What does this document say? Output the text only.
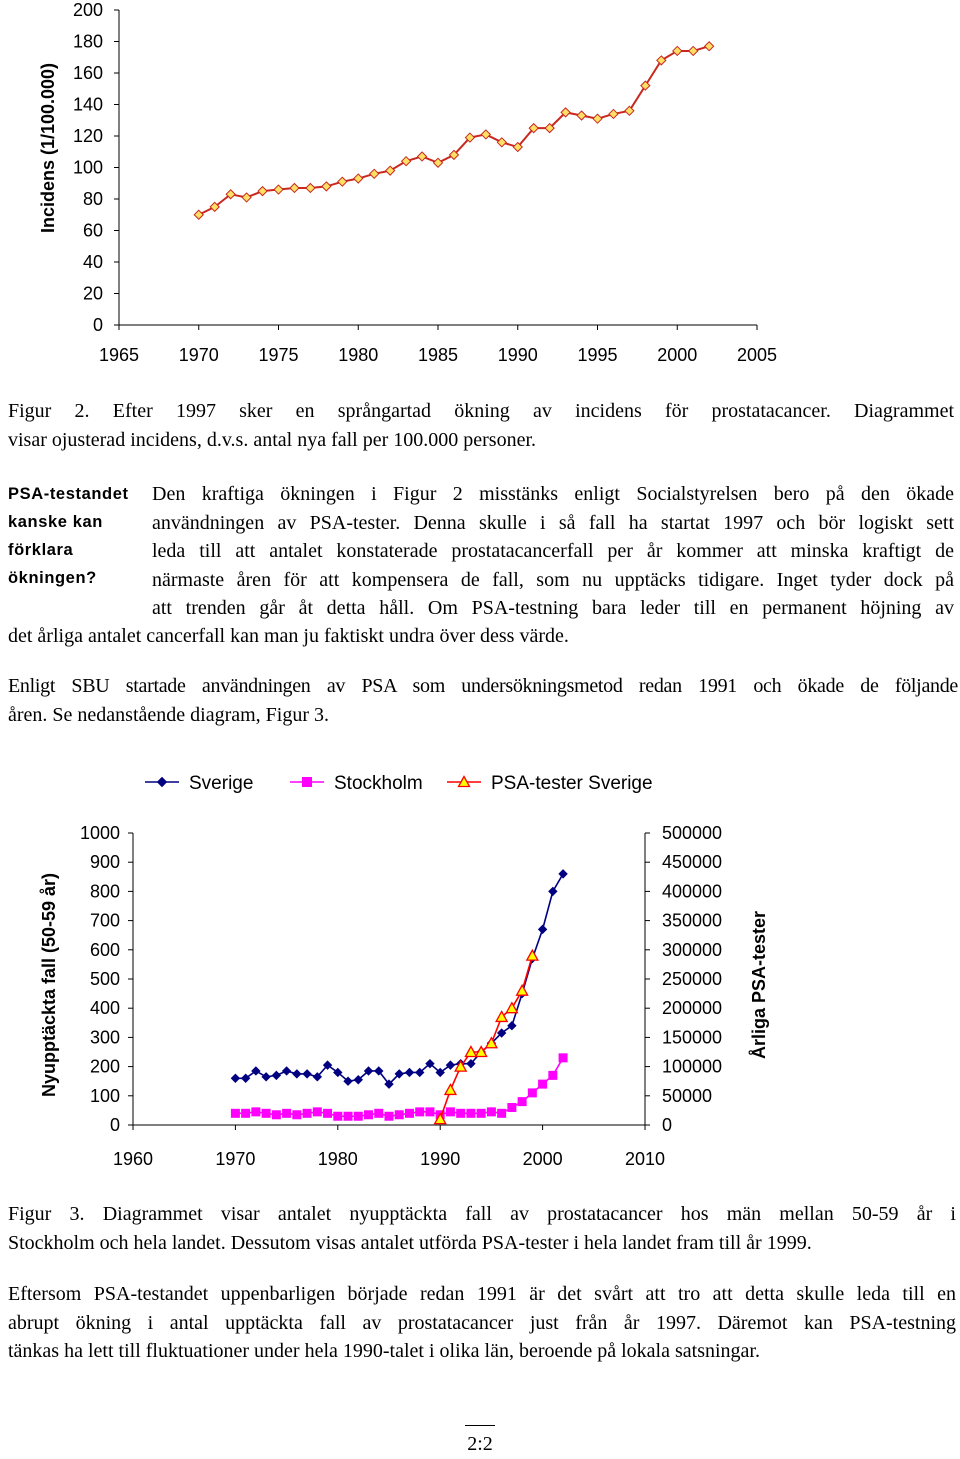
Incidens (1/100.000)
0
20
40
60
80
100
120
140
160
180
200
1965 1970 1975 1980 1985 1990 1995 2000 2005
Figur 2. Efter 1997 sker en språngartad ökning av incidens för prostatacancer. Diagrammet
visar ojusterad incidens, d.v.s. antal nya fall per 100.000 personer.
PSA-testandet
kanske kan
förklara
ökningen?
Den kraftiga ökningen i Figur 2 misstänks enligt Socialstyrelsen bero på den ökade
användningen av PSA-tester. Denna skulle i så fall ha startat 1997 och bör logiskt sett
leda till att antalet konstaterade prostatacancerfall per år kommer att minska kraftigt de
närmaste åren för att kompensera de fall, som nu upptäcks tidigare. Inget tyder dock på
att trenden går åt detta håll. Om PSA-testning bara leder till en permanent höjning av
det årliga antalet cancerfall kan man ju faktiskt undra över dess värde.
Enligt SBU startade användningen av PSA som undersökningsmetod redan 1991 och ökade de följande
åren. Se nedanstående diagram, Figur 3.
Sverige	Stockholm	PSA-tester Sverige
Nyupptäckta fall (50-59 år)	Årliga PSA-tester
0
100
200
300
400
500
600
700
800
900
1000
0
50000
100000
150000
200000
250000
300000
350000
400000
450000
500000
1960	1970	1980	1990	2000	2010
Figur 3. Diagrammet visar antalet nyupptäckta fall av prostatacancer hos män mellan 50-59 år i
Stockholm och hela landet. Dessutom visas antalet utförda PSA-tester i hela landet fram till år 1999.
Eftersom PSA-testandet uppenbarligen började redan 1991 är det svårt att tro att detta skulle leda till en
abrupt ökning i antal upptäckta fall av prostatacancer just från år 1997. Däremot kan PSA-testning
tänkas ha lett till fluktuationer under hela 1990-talet i olika län, beroende på lokala satsningar.
2:2
